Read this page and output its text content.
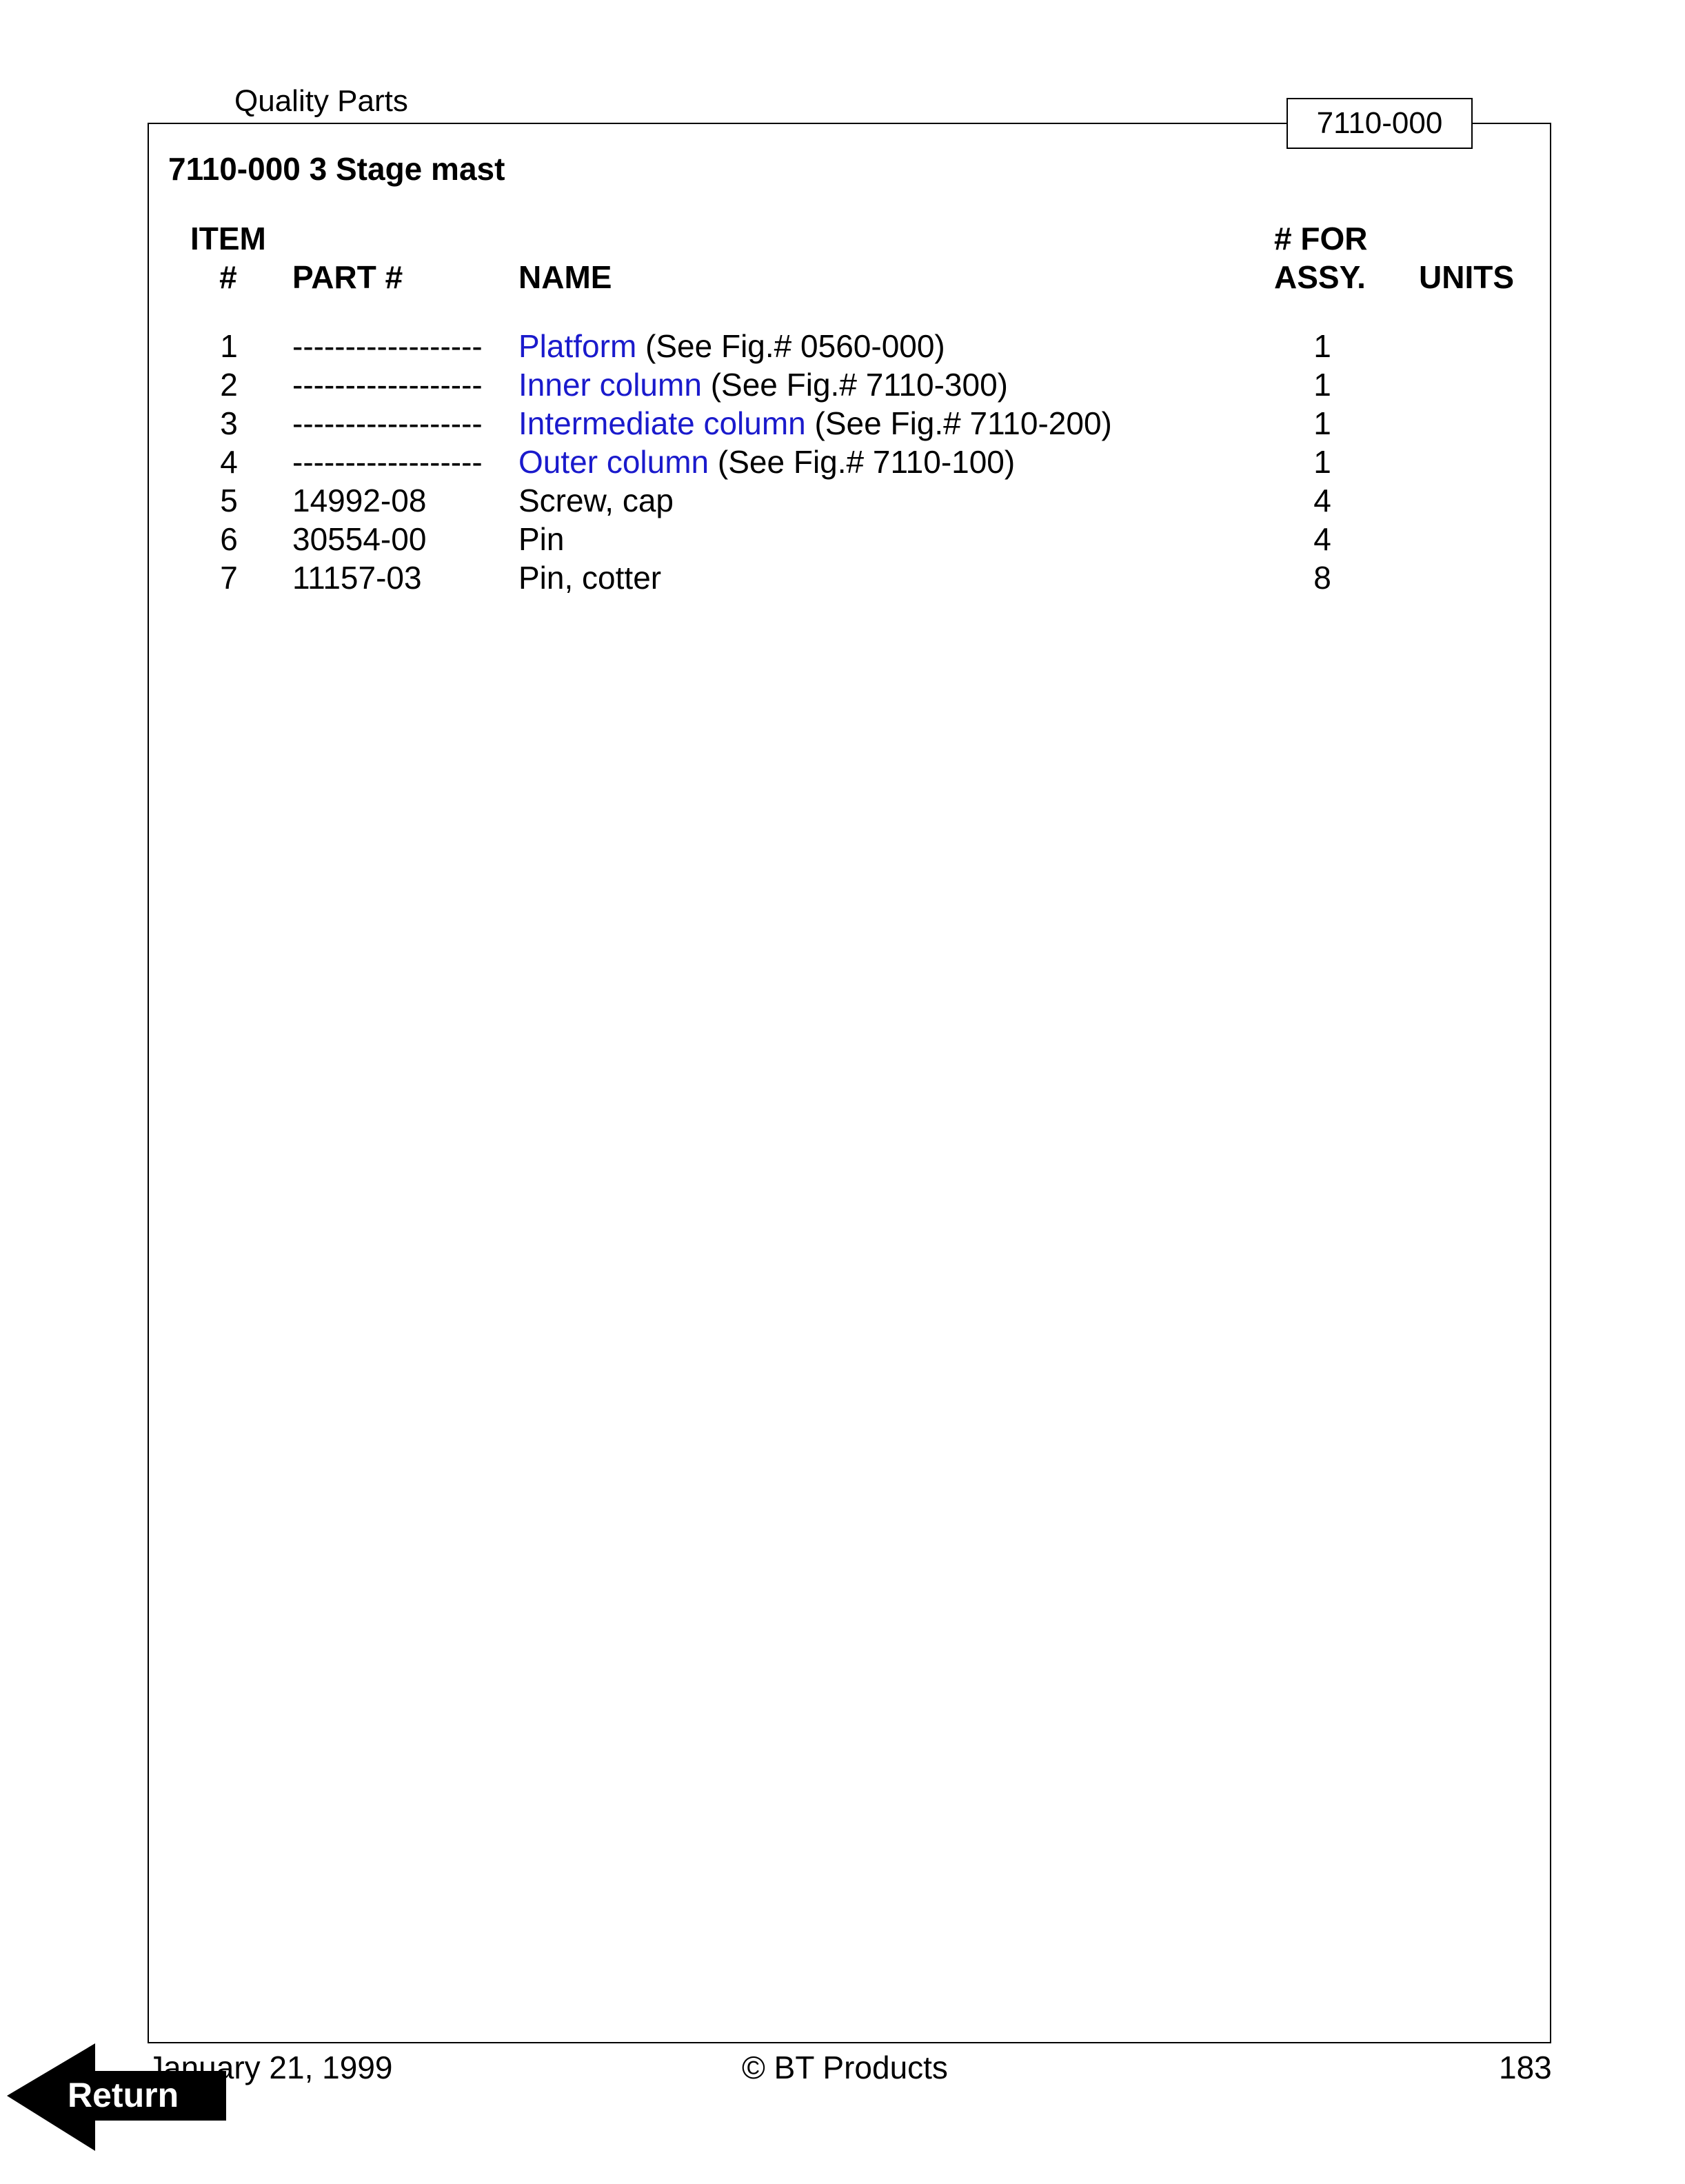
Quality Parts
7110-000
7110-000 3 Stage mast
ITEM
#	PART #	NAME
# FOR
ASSY. UNITS
1	------------------ Platform (See Fig.# 0560-000)	1
2	------------------ Inner column (See Fig.# 7110-300)	1
3	------------------ Intermediate column (See Fig.# 7110-200)	1
4	------------------ Outer column (See Fig.# 7110-100)	1
5	14992-08	Screw, cap	4
6	30554-00	Pin	4
7	11157-03	Pin, cotter	8
January 21, 1999	© BT Products	183
Return
